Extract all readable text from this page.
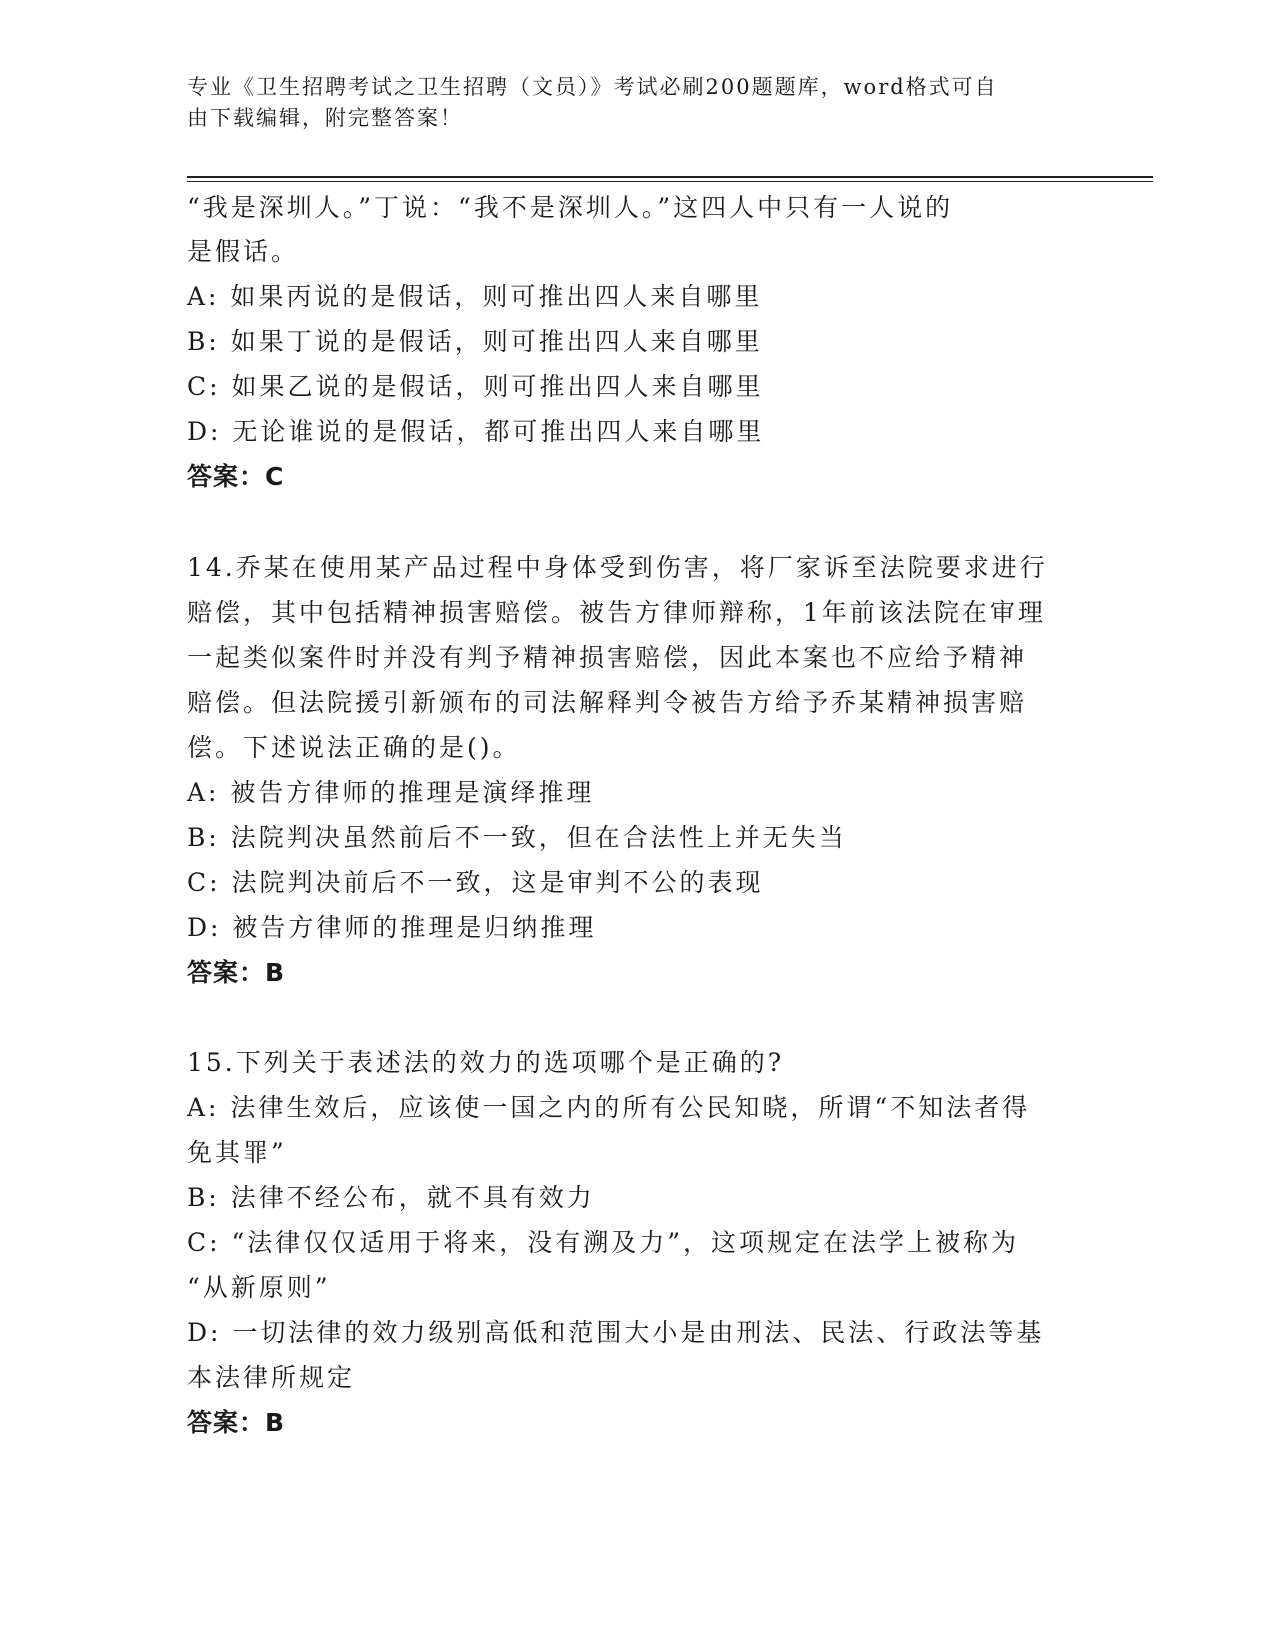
专业《卫生招聘考试之卫生招聘（文员）》考试必刷200题题库，word格式可自
由下载编辑，附完整答案！
“我是深圳人。”丁说：“我不是深圳人。”这四人中只有一人说的
是假话。
A: 如果丙说的是假话，则可推出四人来自哪里
B: 如果丁说的是假话，则可推出四人来自哪里
C: 如果乙说的是假话，则可推出四人来自哪里
D: 无论谁说的是假话，都可推出四人来自哪里
答案：C
14.乔某在使用某产品过程中身体受到伤害，将厂家诉至法院要求进行
赔偿，其中包括精神损害赔偿。被告方律师辩称，1年前该法院在审理
一起类似案件时并没有判予精神损害赔偿，因此本案也不应给予精神
赔偿。但法院援引新颁布的司法解释判令被告方给予乔某精神损害赔
偿。下述说法正确的是()。
A: 被告方律师的推理是演绎推理
B: 法院判决虽然前后不一致，但在合法性上并无失当
C: 法院判决前后不一致，这是审判不公的表现
D: 被告方律师的推理是归纳推理
答案：B
15.下列关于表述法的效力的选项哪个是正确的?
A: 法律生效后，应该使一国之内的所有公民知晓，所谓“不知法者得
免其罪”
B: 法律不经公布，就不具有效力
C: “法律仅仅适用于将来，没有溯及力”，这项规定在法学上被称为
“从新原则”
D: 一切法律的效力级别高低和范围大小是由刑法、民法、行政法等基
本法律所规定
答案：B
